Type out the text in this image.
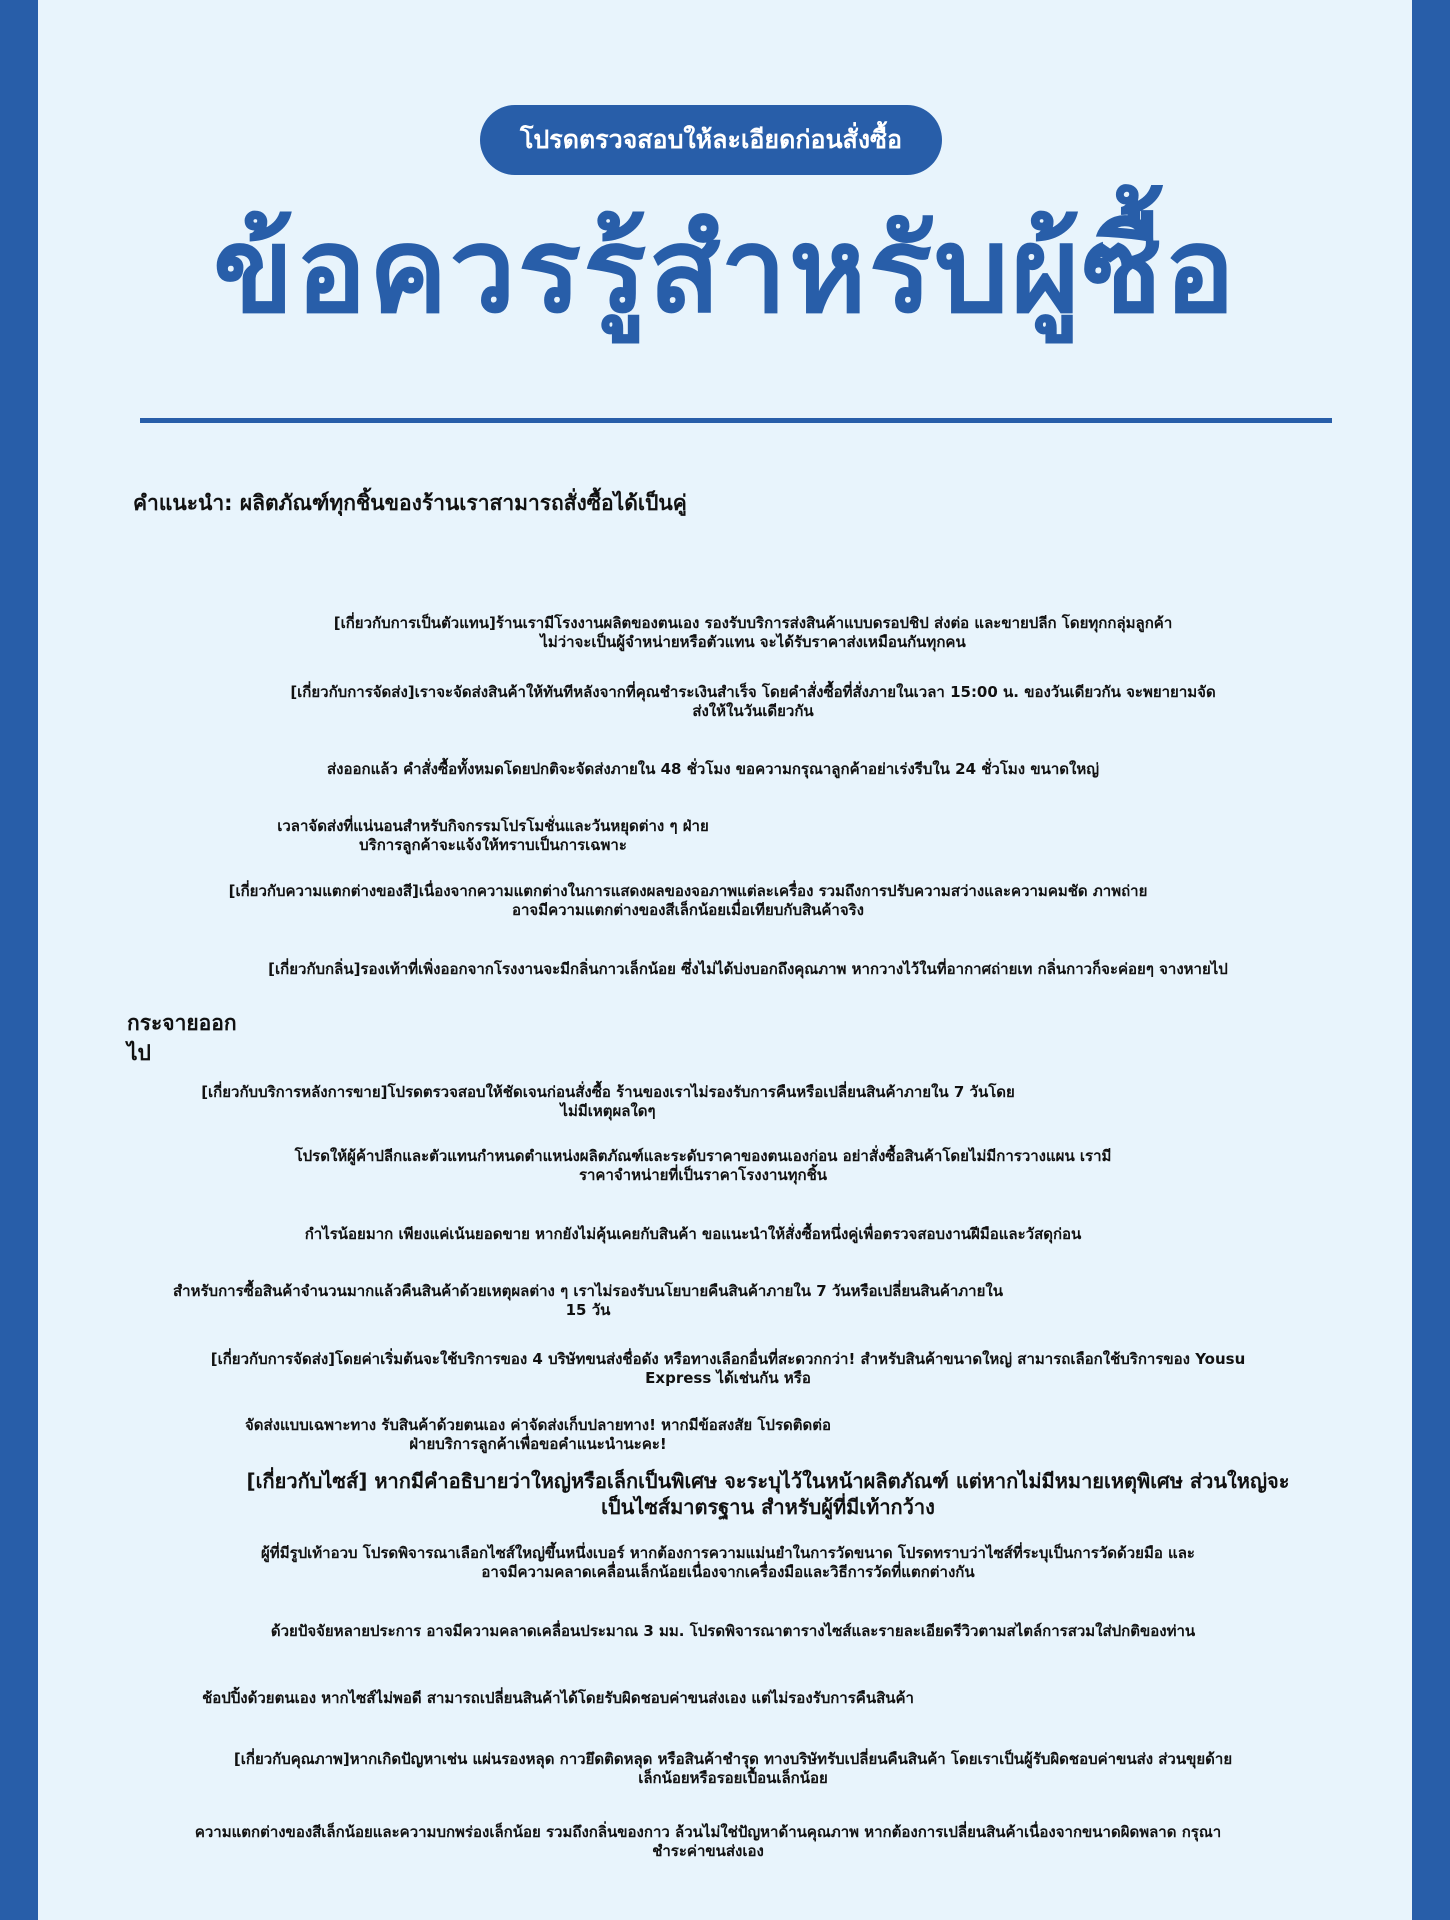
โปรดตรวจสอบให้ละเอียดก่อนสั่งซื้อ
ข้อควรรู้สำหรับผู้ซื้อ
คำแนะนำ: ผลิตภัณฑ์ทุกชิ้นของร้านเราสามารถสั่งซื้อได้เป็นคู่

[เกี่ยวกับการเป็นตัวแทน]ร้านเรามีโรงงานผลิตของตนเอง รองรับบริการส่งสินค้าแบบดรอปชิป ส่งต่อ และขายปลีก โดยทุกกลุ่มลูกค้าไม่ว่าจะเป็นผู้จำหน่ายหรือตัวแทน จะได้รับราคาส่งเหมือนกันทุกคน

[เกี่ยวกับการจัดส่ง]เราจะจัดส่งสินค้าให้ทันทีหลังจากที่คุณชำระเงินสำเร็จ โดยคำสั่งซื้อที่สั่งภายในเวลา 15:00 น. ของวันเดียวกัน จะพยายามจัดส่งให้ในวันเดียวกัน

ส่งออกแล้ว คำสั่งซื้อทั้งหมดโดยปกติจะจัดส่งภายใน 48 ชั่วโมง ขอความกรุณาลูกค้าอย่าเร่งรีบใน 24 ชั่วโมง ขนาดใหญ่

เวลาจัดส่งที่แน่นอนสำหรับกิจกรรมโปรโมชั่นและวันหยุดต่าง ๆ ฝ่ายบริการลูกค้าจะแจ้งให้ทราบเป็นการเฉพาะ

[เกี่ยวกับความแตกต่างของสี]เนื่องจากความแตกต่างในการแสดงผลของจอภาพแต่ละเครื่อง รวมถึงการปรับความสว่างและความคมชัด ภาพถ่ายอาจมีความแตกต่างของสีเล็กน้อยเมื่อเทียบกับสินค้าจริง

[เกี่ยวกับกลิ่น]รองเท้าที่เพิ่งออกจากโรงงานจะมีกลิ่นกาวเล็กน้อย ซึ่งไม่ได้บ่งบอกถึงคุณภาพ หากวางไว้ในที่อากาศถ่ายเท กลิ่นกาวก็จะค่อยๆ จางหายไป

กระจายออกไป

[เกี่ยวกับบริการหลังการขาย]โปรดตรวจสอบให้ชัดเจนก่อนสั่งซื้อ ร้านของเราไม่รองรับการคืนหรือเปลี่ยนสินค้าภายใน 7 วันโดยไม่มีเหตุผลใดๆ

โปรดให้ผู้ค้าปลีกและตัวแทนกำหนดตำแหน่งผลิตภัณฑ์และระดับราคาของตนเองก่อน อย่าสั่งซื้อสินค้าโดยไม่มีการวางแผน เรามีราคาจำหน่ายที่เป็นราคาโรงงานทุกชิ้น

กำไรน้อยมาก เพียงแค่เน้นยอดขาย หากยังไม่คุ้นเคยกับสินค้า ขอแนะนำให้สั่งซื้อหนึ่งคู่เพื่อตรวจสอบงานฝีมือและวัสดุก่อน

สำหรับการซื้อสินค้าจำนวนมากแล้วคืนสินค้าด้วยเหตุผลต่าง ๆ เราไม่รองรับนโยบายคืนสินค้าภายใน 7 วันหรือเปลี่ยนสินค้าภายใน 15 วัน

[เกี่ยวกับการจัดส่ง]โดยค่าเริ่มต้นจะใช้บริการของ 4 บริษัทขนส่งชื่อดัง หรือทางเลือกอื่นที่สะดวกกว่า! สำหรับสินค้าขนาดใหญ่ สามารถเลือกใช้บริการของ Yousu Express ได้เช่นกัน หรือ

จัดส่งแบบเฉพาะทาง รับสินค้าด้วยตนเอง ค่าจัดส่งเก็บปลายทาง! หากมีข้อสงสัย โปรดติดต่อฝ่ายบริการลูกค้าเพื่อขอคำแนะนำนะคะ!

[เกี่ยวกับไซส์] หากมีคำอธิบายว่าใหญ่หรือเล็กเป็นพิเศษ จะระบุไว้ในหน้าผลิตภัณฑ์ แต่หากไม่มีหมายเหตุพิเศษ ส่วนใหญ่จะเป็นไซส์มาตรฐาน สำหรับผู้ที่มีเท้ากว้าง

ผู้ที่มีรูปเท้าอวบ โปรดพิจารณาเลือกไซส์ใหญ่ขึ้นหนึ่งเบอร์ หากต้องการความแม่นยำในการวัดขนาด โปรดทราบว่าไซส์ที่ระบุเป็นการวัดด้วยมือ และอาจมีความคลาดเคลื่อนเล็กน้อยเนื่องจากเครื่องมือและวิธีการวัดที่แตกต่างกัน

ด้วยปัจจัยหลายประการ อาจมีความคลาดเคลื่อนประมาณ 3 มม. โปรดพิจารณาตารางไซส์และรายละเอียดรีวิวตามสไตล์การสวมใส่ปกติของท่าน

ช้อปปิ้งด้วยตนเอง หากไซส์ไม่พอดี สามารถเปลี่ยนสินค้าได้โดยรับผิดชอบค่าขนส่งเอง แต่ไม่รองรับการคืนสินค้า

[เกี่ยวกับคุณภาพ]หากเกิดปัญหาเช่น แผ่นรองหลุด กาวยึดติดหลุด หรือสินค้าชำรุด ทางบริษัทรับเปลี่ยนคืนสินค้า โดยเราเป็นผู้รับผิดชอบค่าขนส่ง ส่วนขุยด้ายเล็กน้อยหรือรอยเปื้อนเล็กน้อย

ความแตกต่างของสีเล็กน้อยและความบกพร่องเล็กน้อย รวมถึงกลิ่นของกาว ล้วนไม่ใช่ปัญหาด้านคุณภาพ หากต้องการเปลี่ยนสินค้าเนื่องจากขนาดผิดพลาด กรุณาชำระค่าขนส่งเอง
